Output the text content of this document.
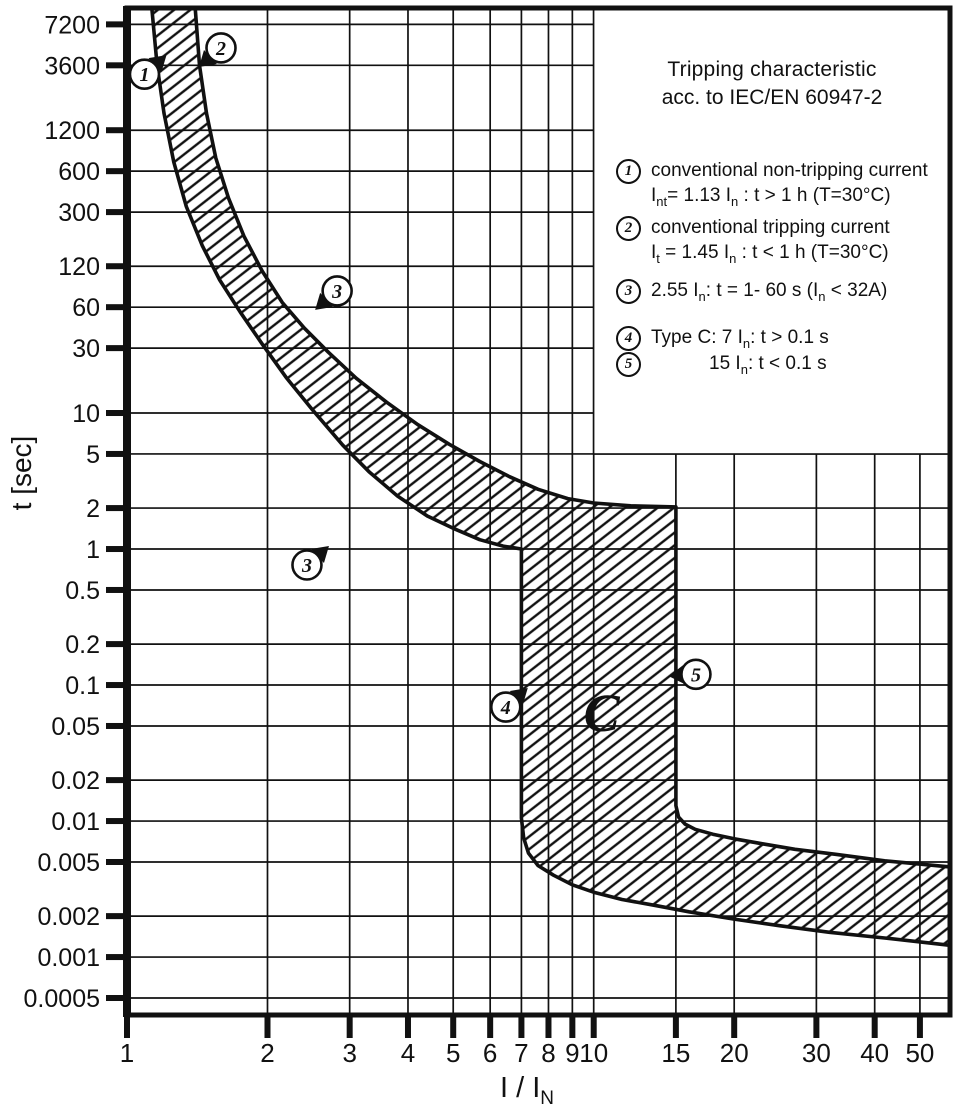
7200
3600
1200
600
300
120
60
30
10
5
2
1
0.5
0.2
0.1
0.05
0.02
0.01
0.005
0.002
0.001
0.0005
1	2	3 4 5 6 7 8 9 10 15 20 30 40 50
1
2
3
3
4
5
C
Tripping characteristic
acc. to IEC/EN 60947-2
1 conventional non-tripping current
$I_{nt}= 1.13$ $I_n$ : t > 1 h (T=30°C)
2 conventional tripping current
$I_t = 1.45$ $I_n$ : t < 1 h (T=30°C)
3 2.55 $I_n$: t = 1- 60 s $(I_n < 32A)$
4 Type C: 7 $I_n$: t > 0.1 s
5	15 $I_n$: t < 0.1 s
t [sec]
I / $I_N$
